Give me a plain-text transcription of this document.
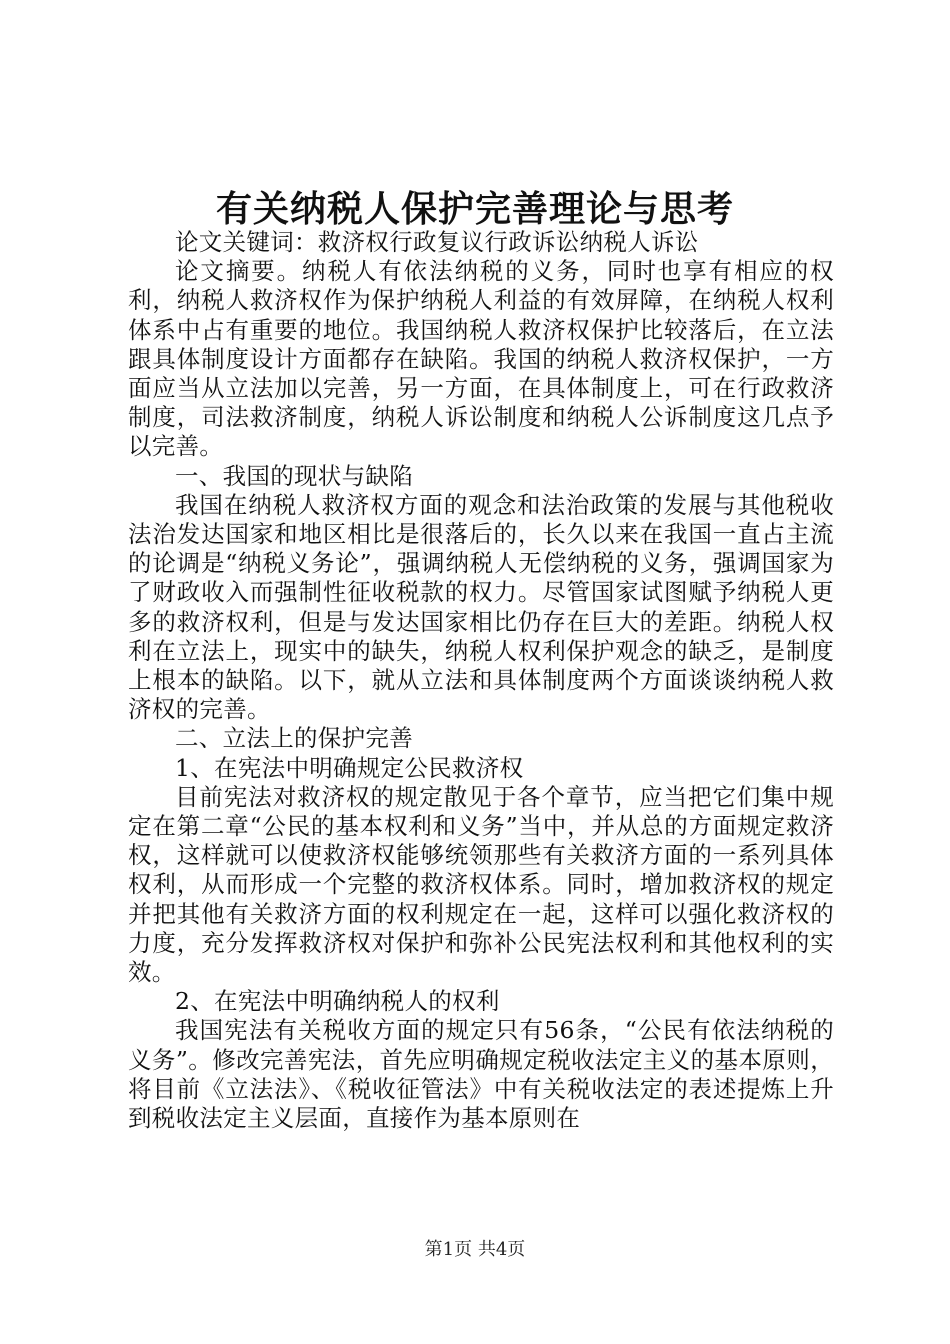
有关纳税人保护完善理论与思考

论文关键词：救济权行政复议行政诉讼纳税人诉讼

论文摘要。纳税人有依法纳税的义务，同时也享有相应的权利，纳税人救济权作为保护纳税人利益的有效屏障，在纳税人权利体系中占有重要的地位。我国纳税人救济权保护比较落后，在立法跟具体制度设计方面都存在缺陷。我国的纳税人救济权保护，一方面应当从立法加以完善，另一方面，在具体制度上，可在行政救济制度，司法救济制度，纳税人诉讼制度和纳税人公诉制度这几点予以完善。

一、我国的现状与缺陷

我国在纳税人救济权方面的观念和法治政策的发展与其他税收法治发达国家和地区相比是很落后的，长久以来在我国一直占主流的论调是“纳税义务论”，强调纳税人无偿纳税的义务，强调国家为了财政收入而强制性征收税款的权力。尽管国家试图赋予纳税人更多的救济权利，但是与发达国家相比仍存在巨大的差距。纳税人权利在立法上，现实中的缺失，纳税人权利保护观念的缺乏，是制度上根本的缺陷。以下，就从立法和具体制度两个方面谈谈纳税人救济权的完善。

二、立法上的保护完善

1、在宪法中明确规定公民救济权

目前宪法对救济权的规定散见于各个章节，应当把它们集中规定在第二章“公民的基本权利和义务”当中，并从总的方面规定救济权，这样就可以使救济权能够统领那些有关救济方面的一系列具体权利，从而形成一个完整的救济权体系。同时，增加救济权的规定并把其他有关救济方面的权利规定在一起，这样可以强化救济权的力度，充分发挥救济权对保护和弥补公民宪法权利和其他权利的实效。

2、在宪法中明确纳税人的权利

我国宪法有关税收方面的规定只有56条，“公民有依法纳税的义务”。修改完善宪法，首先应明确规定税收法定主义的基本原则，将目前《立法法》、《税收征管法》中有关税收法定的表述提炼上升到税收法定主义层面，直接作为基本原则在

第1页 共4页
